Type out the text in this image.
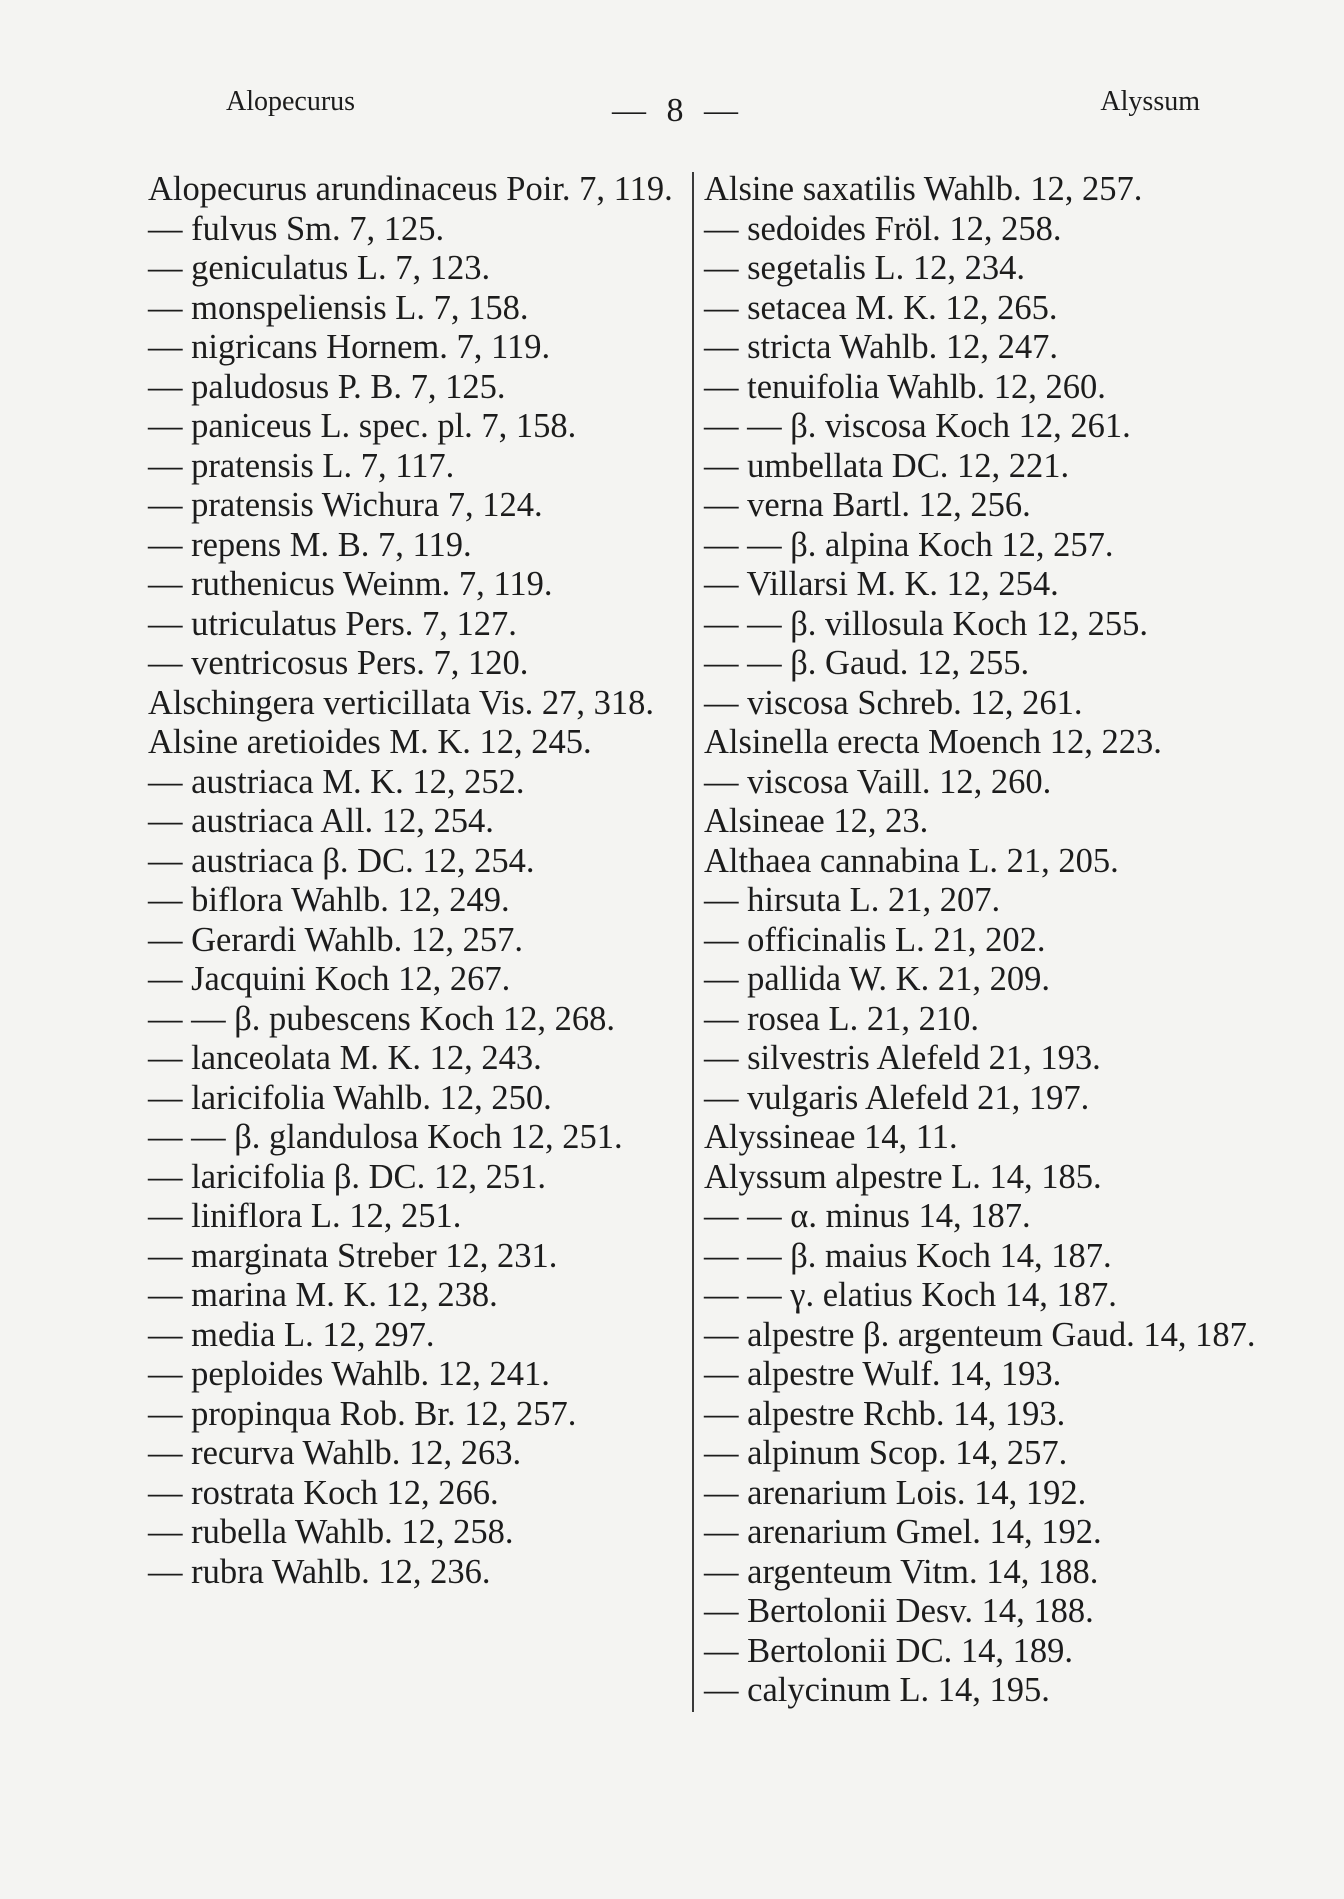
Alopecurus	— 8 —	Alyssum
Alopecurus arundinaceus Poir. 7, 119.
— fulvus Sm. 7, 125.
— geniculatus L. 7, 123.
— monspeliensis L. 7, 158.
— nigricans Hornem. 7, 119.
— paludosus P. B. 7, 125.
— paniceus L. spec. pl. 7, 158.
— pratensis L. 7, 117.
— pratensis Wichura 7, 124.
— repens M. B. 7, 119.
— ruthenicus Weinm. 7, 119.
— utriculatus Pers. 7, 127.
— ventricosus Pers. 7, 120.
Alschingera verticillata Vis. 27, 318.
Alsine aretioides M. K. 12, 245.
— austriaca M. K. 12, 252.
— austriaca All. 12, 254.
— austriaca β. DC. 12, 254.
— biflora Wahlb. 12, 249.
— Gerardi Wahlb. 12, 257.
— Jacquini Koch 12, 267.
— — β. pubescens Koch 12, 268.
— lanceolata M. K. 12, 243.
— laricifolia Wahlb. 12, 250.
— — β. glandulosa Koch 12, 251.
— laricifolia β. DC. 12, 251.
— liniflora L. 12, 251.
— marginata Streber 12, 231.
— marina M. K. 12, 238.
— media L. 12, 297.
— peploides Wahlb. 12, 241.
— propinqua Rob. Br. 12, 257.
— recurva Wahlb. 12, 263.
— rostrata Koch 12, 266.
— rubella Wahlb. 12, 258.
— rubra Wahlb. 12, 236.
Alsine saxatilis Wahlb. 12, 257.
— sedoides Fröl. 12, 258.
— segetalis L. 12, 234.
— setacea M. K. 12, 265.
— stricta Wahlb. 12, 247.
— tenuifolia Wahlb. 12, 260.
— — β. viscosa Koch 12, 261.
— umbellata DC. 12, 221.
— verna Bartl. 12, 256.
— — β. alpina Koch 12, 257.
— Villarsi M. K. 12, 254.
— — β. villosula Koch 12, 255.
— — β. Gaud. 12, 255.
— viscosa Schreb. 12, 261.
Alsinella erecta Moench 12, 223.
— viscosa Vaill. 12, 260.
Alsineae 12, 23.
Althaea cannabina L. 21, 205.
— hirsuta L. 21, 207.
— officinalis L. 21, 202.
— pallida W. K. 21, 209.
— rosea L. 21, 210.
— silvestris Alefeld 21, 193.
— vulgaris Alefeld 21, 197.
Alyssineae 14, 11.
Alyssum alpestre L. 14, 185.
— — α. minus 14, 187.
— — β. maius Koch 14, 187.
— — γ. elatius Koch 14, 187.
— alpestre β. argenteum Gaud. 14, 187.
— alpestre Wulf. 14, 193.
— alpestre Rchb. 14, 193.
— alpinum Scop. 14, 257.
— arenarium Lois. 14, 192.
— arenarium Gmel. 14, 192.
— argenteum Vitm. 14, 188.
— Bertolonii Desv. 14, 188.
— Bertolonii DC. 14, 189.
— calycinum L. 14, 195.
